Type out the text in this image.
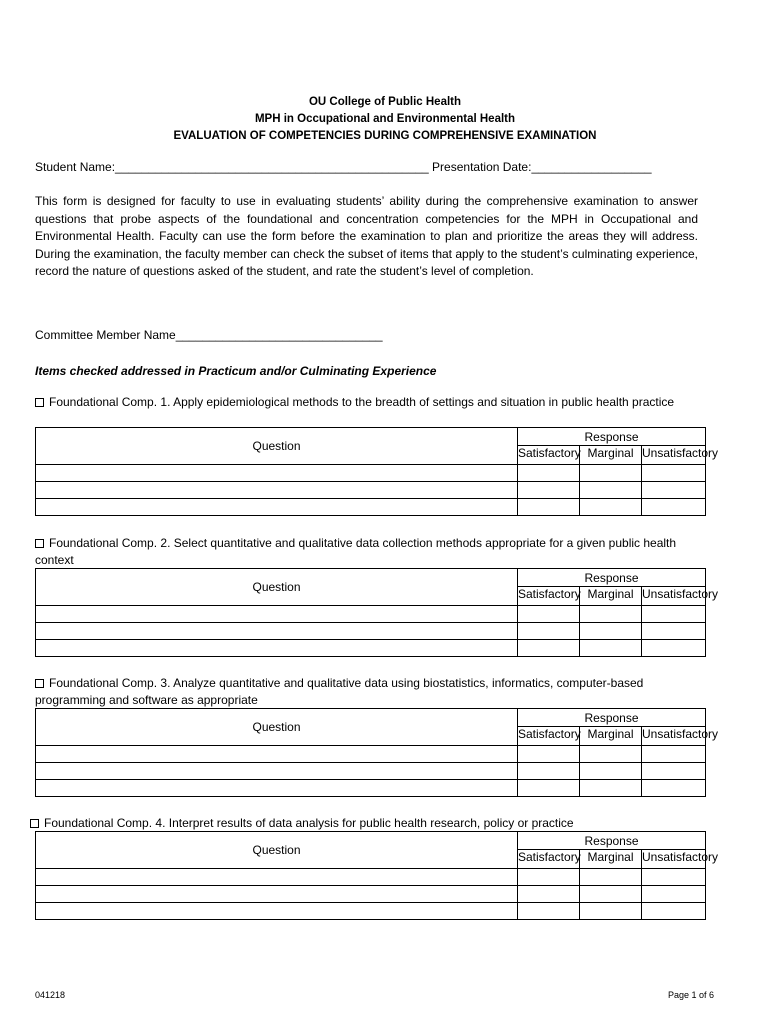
OU College of Public Health
MPH in Occupational and Environmental Health
EVALUATION OF COMPETENCIES DURING COMPREHENSIVE EXAMINATION
Student Name:_______________________________________________ Presentation Date:__________________
This form is designed for faculty to use in evaluating students’ ability during the comprehensive examination to answer questions that probe aspects of the foundational and concentration competencies for the MPH in Occupational and Environmental Health. Faculty can use the form before the examination to plan and prioritize the areas they will address. During the examination, the faculty member can check the subset of items that apply to the student’s culminating experience, record the nature of questions asked of the student, and rate the student’s level of completion.
Committee Member Name_______________________________
Items checked addressed in Practicum and/or Culminating Experience
Foundational Comp. 1. Apply epidemiological methods to the breadth of settings and situation in public health practice
Question	Response		
	Satisfactory	Marginal	Unsatisfactory

Foundational Comp. 2. Select quantitative and qualitative data collection methods appropriate for a given public health context
Question	Response		
	Satisfactory	Marginal	Unsatisfactory

Foundational Comp. 3. Analyze quantitative and qualitative data using biostatistics, informatics, computer-based programming and software as appropriate
Question	Response		
	Satisfactory	Marginal	Unsatisfactory

Foundational Comp. 4. Interpret results of data analysis for public health research, policy or practice
Question	Response		
	Satisfactory	Marginal	Unsatisfactory

041218	Page 1 of 6
